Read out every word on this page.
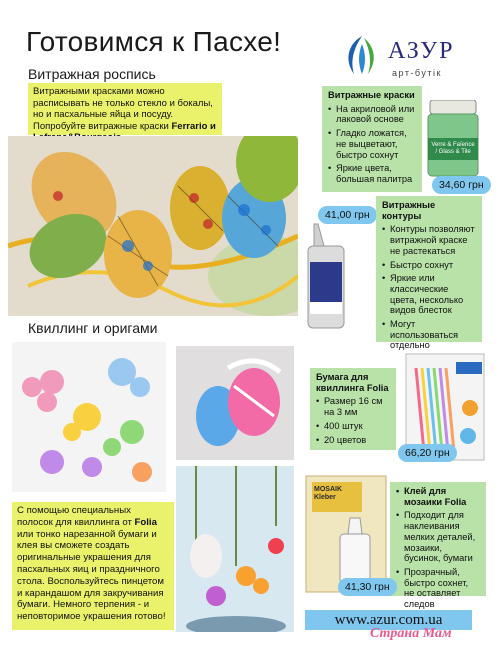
Готовимся к Пасхе!	АЗУР
арт-бутік
Витражная роспись
Витражными красками можно расписывать не только стекло и бокалы, но и пасхальные яйца и посуду. Попробуйте витражные краски Ferrario и
Витражные краски
• На акриловой или лаковой основе
• Гладко ложатся, не выцветают, быстро сохнут
• Яркие цвета, большая палитра
Verre & Faïence / Glass & Tile
34,60 грн
41,00 грн
Витражные контуры
• Контуры позволяют витражной краске не растекаться
• Быстро сохнут
• Яркие или классические цвета, несколько видов блесток
• Могут использоваться отдельно
Квиллинг и оригами
Бумага для квиллинга Folia
• Размер 16 см на 3 мм
• 400 штук
• 20 цветов
66,20 грн
С помощью специальных полосок для квиллинга от Folia или тонко нарезанной бумаги и клея вы сможете создать оригинальные украшения для пасхальных яиц и праздничного стола. Воспользуйтесь пинцетом и карандашом для закручивания бумаги. Немного терпения - и неповторимое украшения готово!
MOSAIK Kleber
• Клей для мозаики Folia
• Подходит для наклеивания мелких деталей, мозаики, бусинок, бумаги
• Прозрачный, быстро сохнет, не оставляет следов
41,30 грн
www.azur.com.ua
Страна Мам
